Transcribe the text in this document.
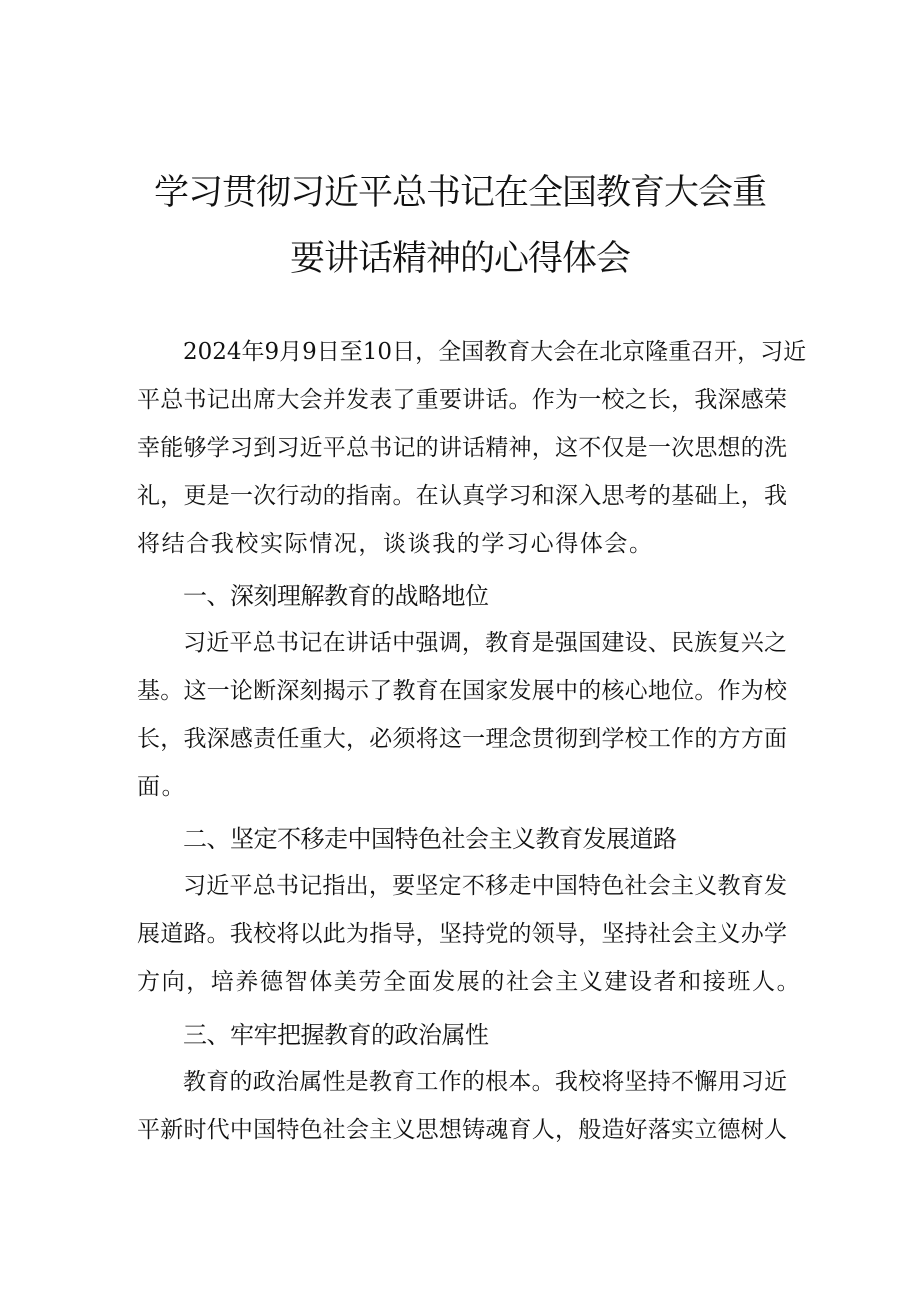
学习贯彻习近平总书记在全国教育大会重
要讲话精神的心得体会
2024年9月9日至10日，全国教育大会在北京隆重召开，习近
平总书记出席大会并发表了重要讲话。作为一校之长，我深感荣
幸能够学习到习近平总书记的讲话精神，这不仅是一次思想的洗
礼，更是一次行动的指南。在认真学习和深入思考的基础上，我
将结合我校实际情况，谈谈我的学习心得体会。
一、深刻理解教育的战略地位
习近平总书记在讲话中强调，教育是强国建设、民族复兴之
基。这一论断深刻揭示了教育在国家发展中的核心地位。作为校
长，我深感责任重大，必须将这一理念贯彻到学校工作的方方面
面。
二、坚定不移走中国特色社会主义教育发展道路
习近平总书记指出，要坚定不移走中国特色社会主义教育发
展道路。我校将以此为指导，坚持党的领导，坚持社会主义办学
方向，培养德智体美劳全面发展的社会主义建设者和接班人。
三、牢牢把握教育的政治属性
教育的政治属性是教育工作的根本。我校将坚持不懈用习近
平新时代中国特色社会主义思想铸魂育人，般造好落实立德树人
